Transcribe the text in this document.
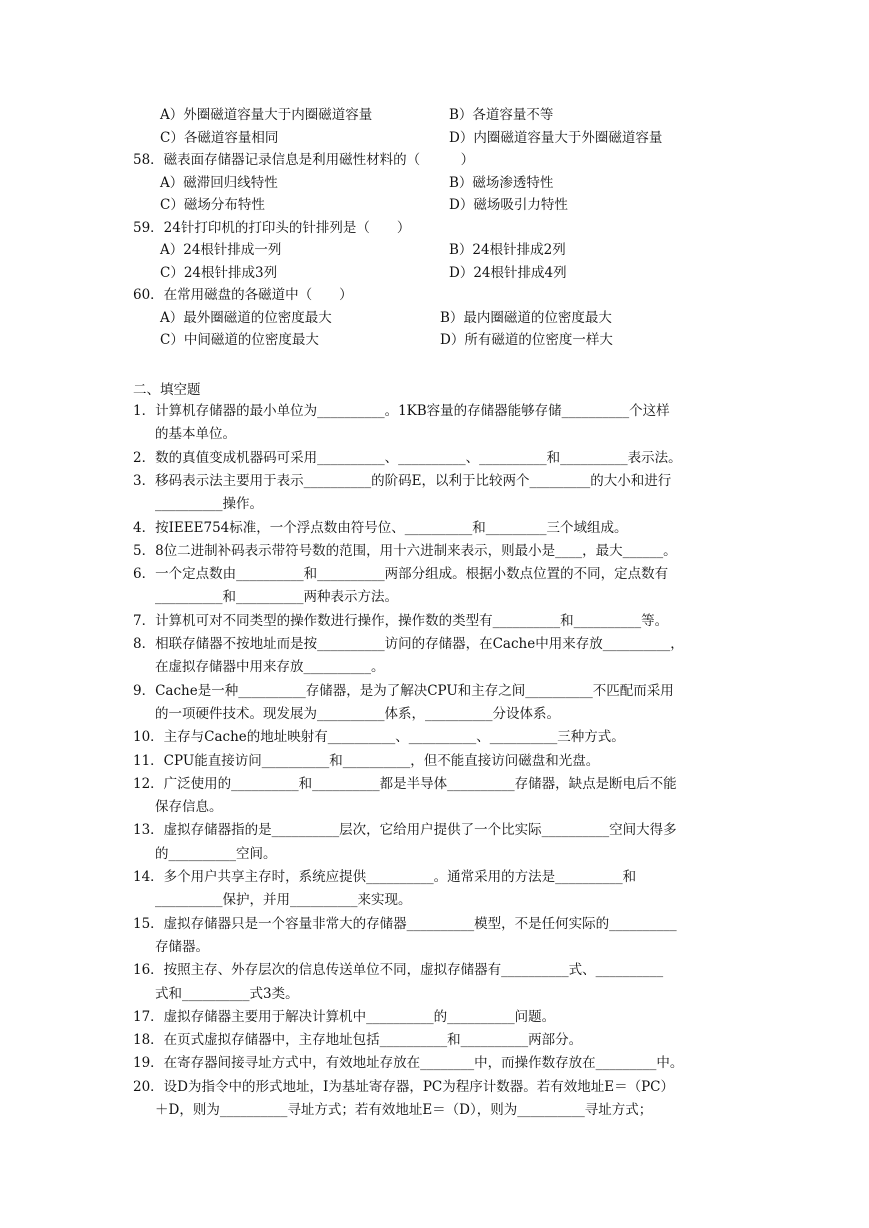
A）外圈磁道容量大于内圈磁道容量	B）各道容量不等
C）各磁道容量相同	D）内圈磁道容量大于外圈磁道容量
58．磁表面存储器记录信息是利用磁性材料的（　　　）
A）磁滞回归线特性	B）磁场渗透特性
C）磁场分布特性	D）磁场吸引力特性
59．24针打印机的打印头的针排列是（　　）
A）24根针排成一列	B）24根针排成2列
C）24根针排成3列	D）24根针排成4列
60．在常用磁盘的各磁道中（　　）
A）最外圈磁道的位密度最大	B）最内圈磁道的位密度最大
C）中间磁道的位密度最大	D）所有磁道的位密度一样大
二、填空题
1．计算机存储器的最小单位为__________。1KB容量的存储器能够存储__________个这样
的基本单位。
2．数的真值变成机器码可采用__________、__________、__________和__________表示法。
3．移码表示法主要用于表示__________的阶码E，以利于比较两个_________的大小和进行
__________操作。
4．按IEEE754标准，一个浮点数由符号位、__________和_________三个域组成。
5．8位二进制补码表示带符号数的范围，用十六进制来表示，则最小是____，最大______。
6．一个定点数由__________和__________两部分组成。根据小数点位置的不同，定点数有
__________和__________两种表示方法。
7．计算机可对不同类型的操作数进行操作，操作数的类型有__________和__________等。
8．相联存储器不按地址而是按__________访问的存储器，在Cache中用来存放__________，
在虚拟存储器中用来存放__________。
9．Cache是一种__________存储器，是为了解决CPU和主存之间__________不匹配而采用
的一项硬件技术。现发展为__________体系，__________分设体系。
10．主存与Cache的地址映射有__________、__________、__________三种方式。
11．CPU能直接访问__________和__________，但不能直接访问磁盘和光盘。
12．广泛使用的__________和__________都是半导体__________存储器，缺点是断电后不能
保存信息。
13．虚拟存储器指的是__________层次，它给用户提供了一个比实际__________空间大得多
的__________空间。
14．多个用户共享主存时，系统应提供__________。通常采用的方法是__________和
__________保护，并用__________来实现。
15．虚拟存储器只是一个容量非常大的存储器__________模型，不是任何实际的__________
存储器。
16．按照主存、外存层次的信息传送单位不同，虚拟存储器有__________式、__________
式和__________式3类。
17．虚拟存储器主要用于解决计算机中__________的__________问题。
18．在页式虚拟存储器中，主存地址包括__________和__________两部分。
19．在寄存器间接寻址方式中，有效地址存放在________中，而操作数存放在_________中。
20．设D为指令中的形式地址，I为基址寄存器，PC为程序计数器。若有效地址E＝（PC）
＋D，则为__________寻址方式；若有效地址E＝（D），则为__________寻址方式；
